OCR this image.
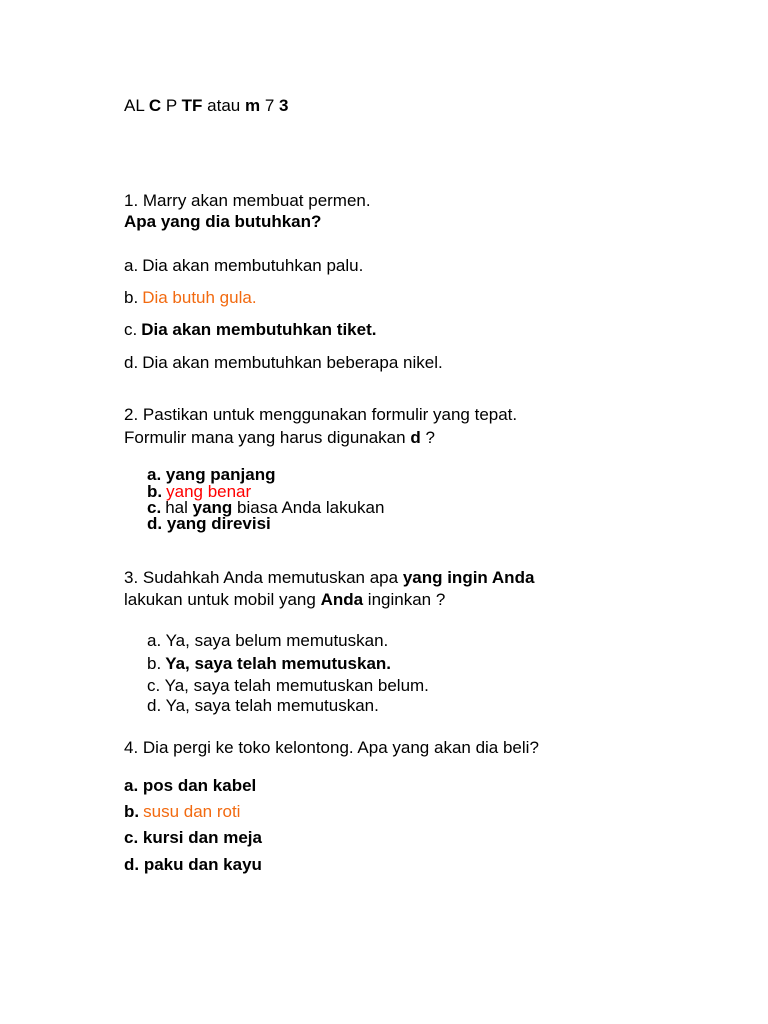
AL C P TF atau m 7 3
1. Marry akan membuat permen.
Apa yang dia butuhkan?
a. Dia akan membutuhkan palu.
b. Dia butuh gula.
c. Dia akan membutuhkan tiket.
d. Dia akan membutuhkan beberapa nikel.
2. Pastikan untuk menggunakan formulir yang tepat.
Formulir mana yang harus digunakan d ?
a. yang panjang
b. yang benar
c. hal yang biasa Anda lakukan
d. yang direvisi
3. Sudahkah Anda memutuskan apa yang ingin Anda
lakukan untuk mobil yang Anda inginkan ?
a. Ya, saya belum memutuskan.
b. Ya, saya telah memutuskan.
c. Ya, saya telah memutuskan belum.
d. Ya, saya telah memutuskan.
4. Dia pergi ke toko kelontong. Apa yang akan dia beli?
a. pos dan kabel
b. susu dan roti
c. kursi dan meja
d. paku dan kayu
